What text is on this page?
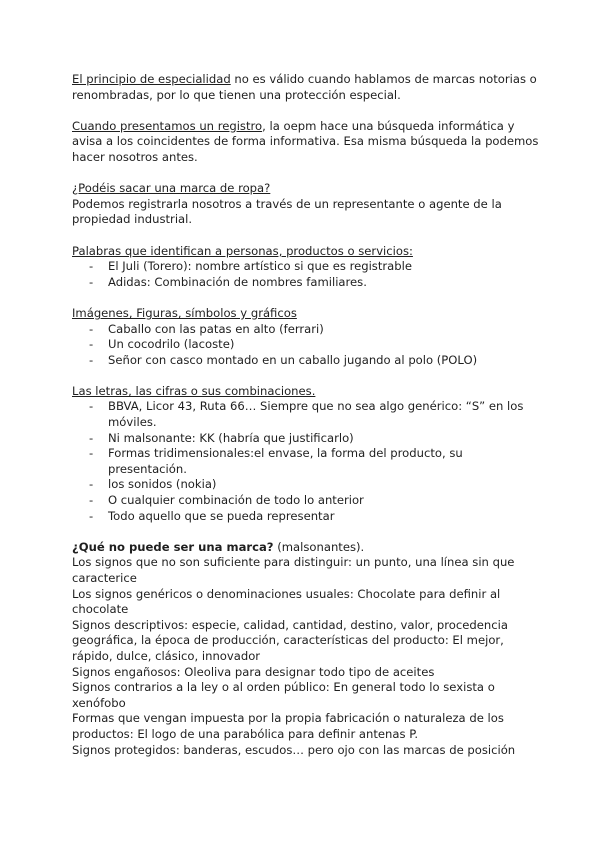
El principio de especialidad no es válido cuando hablamos de marcas notorias o renombradas, por lo que tienen una protección especial.

Cuando presentamos un registro, la oepm hace una búsqueda informática y avisa a los coincidentes de forma informativa. Esa misma búsqueda la podemos hacer nosotros antes.

¿Podéis sacar una marca de ropa?

Podemos registrarla nosotros a través de un representante o agente de la propiedad industrial.

Palabras que identifican a personas, productos o servicios:

- El Juli (Torero): nombre artístico si que es registrable
- Adidas: Combinación de nombres familiares.

Imágenes, Figuras, símbolos y gráficos

- Caballo con las patas en alto (ferrari)
- Un cocodrilo (lacoste)
- Señor con casco montado en un caballo jugando al polo (POLO)

Las letras, las cifras o sus combinaciones.

- BBVA, Licor 43, Ruta 66… Siempre que no sea algo genérico: “S” en los móviles.
- Ni malsonante: KK (habría que justificarlo)
- Formas tridimensionales:el envase, la forma del producto, su presentación.
- los sonidos (nokia)
- O cualquier combinación de todo lo anterior
- Todo aquello que se pueda representar

¿Qué no puede ser una marca? (malsonantes).

Los signos que no son suficiente para distinguir: un punto, una línea sin que caracterice

Los signos genéricos o denominaciones usuales: Chocolate para definir al chocolate

Signos descriptivos: especie, calidad, cantidad, destino, valor, procedencia geográfica, la época de producción, características del producto: El mejor, rápido, dulce, clásico, innovador

Signos engañosos: Oleoliva para designar todo tipo de aceites

Signos contrarios a la ley o al orden público: En general todo lo sexista o xenófobo

Formas que vengan impuesta por la propia fabricación o naturaleza de los productos: El logo de una parabólica para definir antenas P.

Signos protegidos: banderas, escudos… pero ojo con las marcas de posición
